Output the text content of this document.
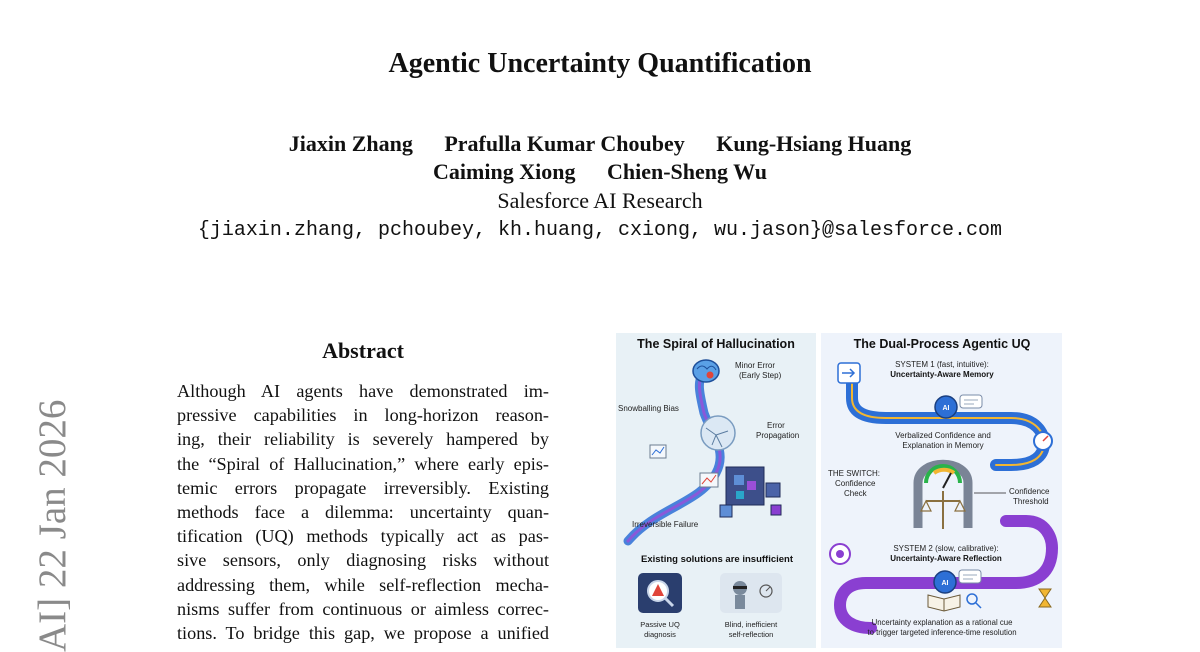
Agentic Uncertainty Quantification
Jiaxin Zhang Prafulla Kumar Choubey Kung-Hsiang Huang
Caiming Xiong Chien-Sheng Wu
Salesforce AI Research
{jiaxin.zhang, pchoubey, kh.huang, cxiong, wu.jason}@salesforce.com
AI] 22 Jan 2026
Abstract
Although AI agents have demonstrated im-
pressive capabilities in long-horizon reason-
ing, their reliability is severely hampered by
the “Spiral of Hallucination,” where early epis-
temic errors propagate irreversibly. Existing
methods face a dilemma: uncertainty quan-
tification (UQ) methods typically act as pas-
sive sensors, only diagnosing risks without
addressing them, while self-reflection mecha-
nisms suffer from continuous or aimless correc-
tions. To bridge this gap, we propose a unified
The Spiral of Hallucination
Minor Error
(Early Step)
Snowballing Bias
Error
Propagation
Irreversible Failure
Existing solutions are insufficient
Passive UQ
diagnosis
Blind, inefficient
self-reflection
The Dual-Process Agentic UQ
SYSTEM 1 (fast, intuitive):
Uncertainty-Aware Memory
AI
Verbalized Confidence and
Explanation in Memory
THE SWITCH:
Confidence
Check	Confidence
Threshold
SYSTEM 2 (slow, calibrative):
Uncertainty-Aware Reflection
AI
Uncertainty explanation as a rational cue
to trigger targeted inference-time resolution
